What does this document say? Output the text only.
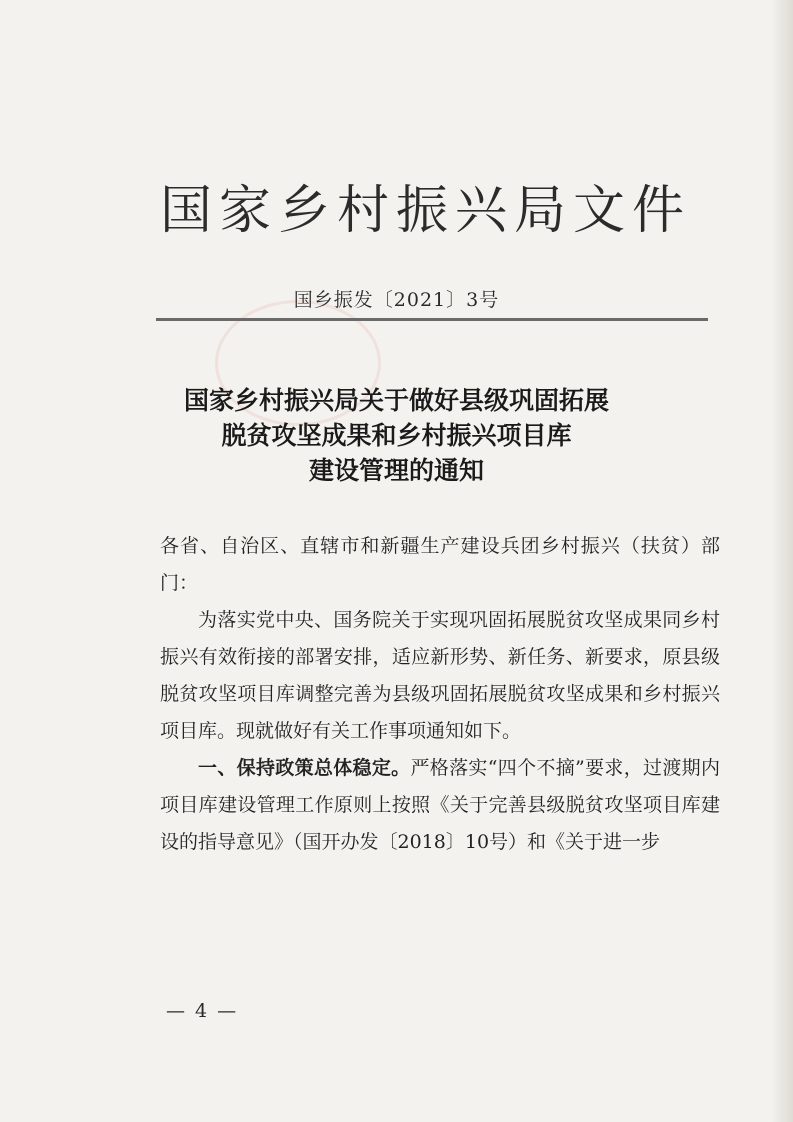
国家乡村振兴局文件
国乡振发〔2021〕3号
国家乡村振兴局关于做好县级巩固拓展
脱贫攻坚成果和乡村振兴项目库
建设管理的通知

各省、自治区、直辖市和新疆生产建设兵团乡村振兴（扶贫）部门：

为落实党中央、国务院关于实现巩固拓展脱贫攻坚成果同乡村振兴有效衔接的部署安排，适应新形势、新任务、新要求，原县级脱贫攻坚项目库调整完善为县级巩固拓展脱贫攻坚成果和乡村振兴项目库。现就做好有关工作事项通知如下。

一、保持政策总体稳定。严格落实“四个不摘”要求，过渡期内项目库建设管理工作原则上按照《关于完善县级脱贫攻坚项目库建设的指导意见》（国开办发〔2018〕10号）和《关于进一步

— 4 —
